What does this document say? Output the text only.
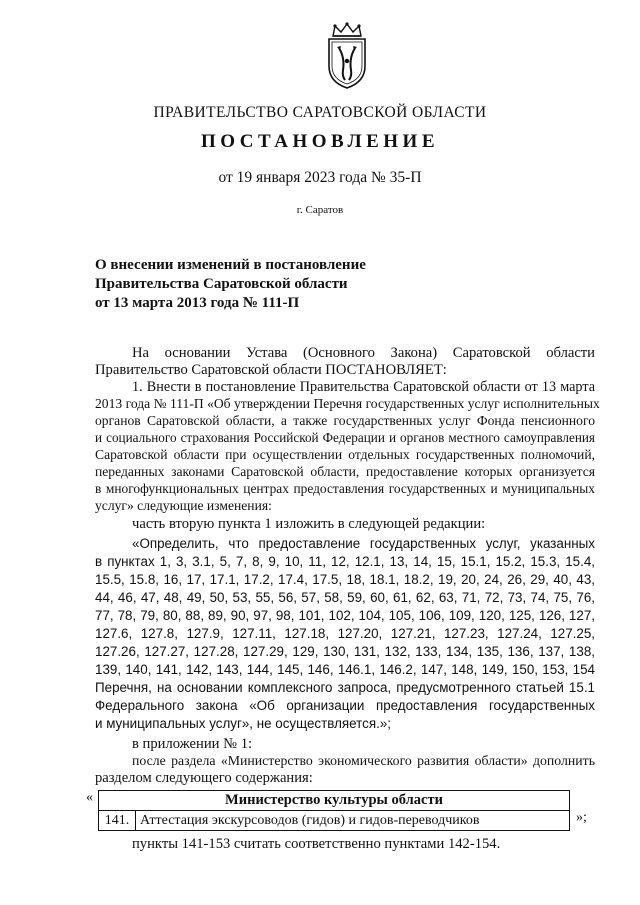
ПРАВИТЕЛЬСТВО САРАТОВСКОЙ ОБЛАСТИ
ПОСТАНОВЛЕНИЕ
от 19 января 2023 года № 35-П
г. Саратов
О внесении изменений в постановление
Правительства Саратовской области
от 13 марта 2013 года № 111-П
На основании Устава (Основного Закона) Саратовской области
Правительство Саратовской области ПОСТАНОВЛЯЕТ:
1. Внести в постановление Правительства Саратовской области от 13 марта
2013 года № 111-П «Об утверждении Перечня государственных услуг исполнительных
органов Саратовской области, а также государственных услуг Фонда пенсионного
и социального страхования Российской Федерации и органов местного самоуправления
Саратовской области при осуществлении отдельных государственных полномочий,
переданных законами Саратовской области, предоставление которых организуется
в многофункциональных центрах предоставления государственных и муниципальных
услуг» следующие изменения:
часть вторую пункта 1 изложить в следующей редакции:
«Определить, что предоставление государственных услуг, указанных
в пунктах 1, 3, 3.1, 5, 7, 8, 9, 10, 11, 12, 12.1, 13, 14, 15, 15.1, 15.2, 15.3, 15.4,
15.5, 15.8, 16, 17, 17.1, 17.2, 17.4, 17.5, 18, 18.1, 18.2, 19, 20, 24, 26, 29, 40, 43,
44, 46, 47, 48, 49, 50, 53, 55, 56, 57, 58, 59, 60, 61, 62, 63, 71, 72, 73, 74, 75, 76,
77, 78, 79, 80, 88, 89, 90, 97, 98, 101, 102, 104, 105, 106, 109, 120, 125, 126, 127,
127.6, 127.8, 127.9, 127.11, 127.18, 127.20, 127.21, 127.23, 127.24, 127.25,
127.26, 127.27, 127.28, 127.29, 129, 130, 131, 132, 133, 134, 135, 136, 137, 138,
139, 140, 141, 142, 143, 144, 145, 146, 146.1, 146.2, 147, 148, 149, 150, 153, 154
Перечня, на основании комплексного запроса, предусмотренного статьей 15.1
Федерального закона «Об организации предоставления государственных
и муниципальных услуг», не осуществляется.»;
в приложении № 1:
после раздела «Министерство экономического развития области» дополнить
разделом следующего содержания:
«	Министерство культуры области
141.	Аттестация экскурсоводов (гидов) и гидов-переводчиков	»;
пункты 141-153 считать соответственно пунктами 142-154.
